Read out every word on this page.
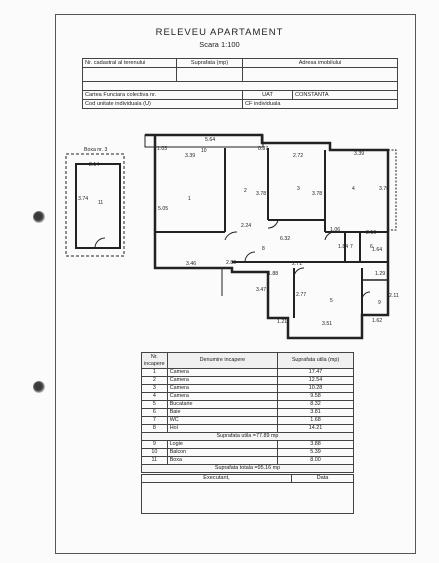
RELEVEU APARTAMENT
Scara 1:100
Nr. cadastral al terenului	Suprafata (mp)	Adresa imobilului
Cartea Funciara colectiva nr.	UAT	CONSTANTA
Cod unitate individuala (U)	CF individuala
Boxa nr. 3
5.64
3.39	2.72	3.39
2.14
3.74
5.05
3.78	3.78
3.70
2.24
6.32
1.06
1.84
2.16
1.64
3.46
1.88
2.71
1.29
3.47
2.77	2.11
1.62
1.21	3.51
2.88
1.03	0.87
1
2	3	4
5
6
7
8
9
10
11
Nr. incapere	Denumire incapere	Suprafata utila (mp)
1	Camera	17.47
2	Camera	12.54
3	Camera	10.28
4	Camera	9.58
5	Bucatarie	8.32
6	Baie	3.81
7	WC	1.68
8	Hol	14.21
Suprafata utila =77.89 mp		
9	Logie	3.88
10	Balcon	5.39
11	Boxa	8.00
Suprafata totala =95.16 mp		
Executant,	Data
